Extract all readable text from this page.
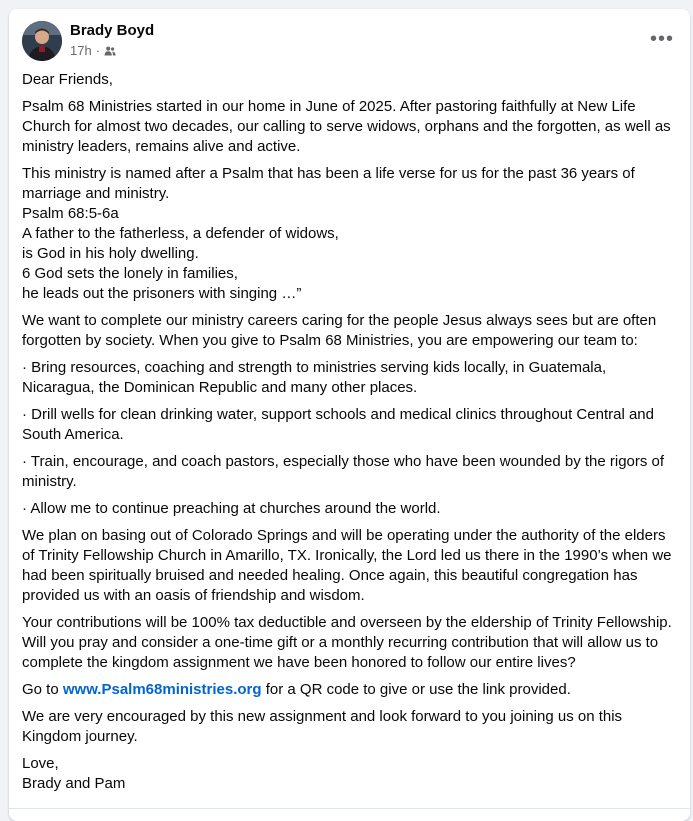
Brady Boyd
17h ·
•••

Dear Friends,

Psalm 68 Ministries started in our home in June of 2025. After pastoring faithfully at New Life Church for almost two decades, our calling to serve widows, orphans and the forgotten, as well as ministry leaders, remains alive and active.

This ministry is named after a Psalm that has been a life verse for us for the past 36 years of marriage and ministry.
Psalm 68:5-6a
A father to the fatherless, a defender of widows,
is God in his holy dwelling.
6 God sets the lonely in families,
he leads out the prisoners with singing …”

We want to complete our ministry careers caring for the people Jesus always sees but are often forgotten by society. When you give to Psalm 68 Ministries, you are empowering our team to:

· Bring resources, coaching and strength to ministries serving kids locally, in Guatemala, Nicaragua, the Dominican Republic and many other places.

· Drill wells for clean drinking water, support schools and medical clinics throughout Central and South America.

· Train, encourage, and coach pastors, especially those who have been wounded by the rigors of ministry.

· Allow me to continue preaching at churches around the world.

We plan on basing out of Colorado Springs and will be operating under the authority of the elders of Trinity Fellowship Church in Amarillo, TX. Ironically, the Lord led us there in the 1990’s when we had been spiritually bruised and needed healing. Once again, this beautiful congregation has provided us with an oasis of friendship and wisdom.

Your contributions will be 100% tax deductible and overseen by the eldership of Trinity Fellowship. Will you pray and consider a one-time gift or a monthly recurring contribution that will allow us to complete the kingdom assignment we have been honored to follow our entire lives?

Go to www.Psalm68ministries.org for a QR code to give or use the link provided.

We are very encouraged by this new assignment and look forward to you joining us on this Kingdom journey.

Love,
Brady and Pam
